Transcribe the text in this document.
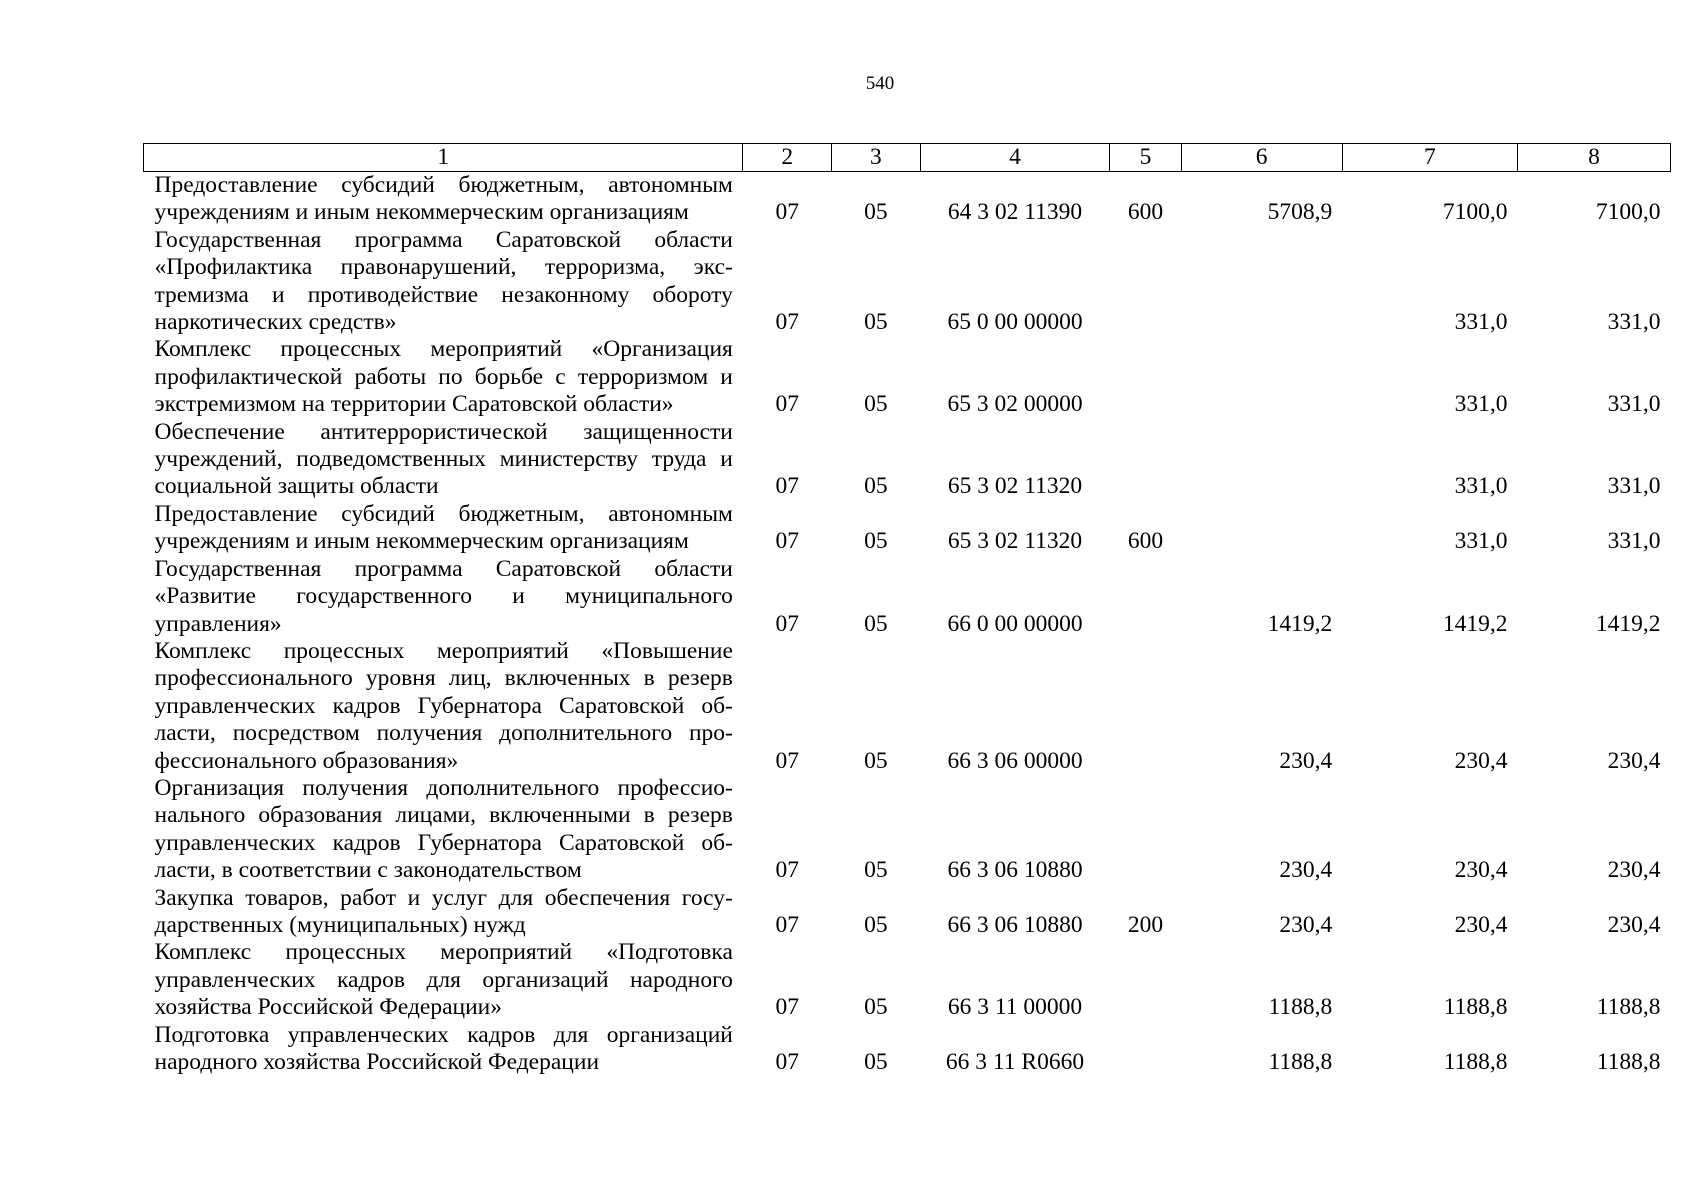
540
1	2	3	4	5	6	7	8
Предоставление субсидий бюджетным, автономным учреждениям и иным некоммерческим организациям	07	05	64 3 02 11390	600	5708,9	7100,0	7100,0
Государственная программа Саратовской области «Профилактика правонарушений, терроризма, экстремизма и противодействие незаконному обороту наркотических средств»	07	05	65 0 00 00000			331,0	331,0
Комплекс процессных мероприятий «Организация профилактической работы по борьбе с терроризмом и экстремизмом на территории Саратовской области»	07	05	65 3 02 00000			331,0	331,0
Обеспечение антитеррористической защищенности учреждений, подведомственных министерству труда и социальной защиты области	07	05	65 3 02 11320			331,0	331,0
Предоставление субсидий бюджетным, автономным учреждениям и иным некоммерческим организациям	07	05	65 3 02 11320	600		331,0	331,0
Государственная программа Саратовской области «Развитие государственного и муниципального управления»	07	05	66 0 00 00000		1419,2	1419,2	1419,2
Комплекс процессных мероприятий «Повышение профессионального уровня лиц, включенных в резерв управленческих кадров Губернатора Саратовской области, посредством получения дополнительного профессионального образования»	07	05	66 3 06 00000		230,4	230,4	230,4
Организация получения дополнительного профессионального образования лицами, включенными в резерв управленческих кадров Губернатора Саратовской области, в соответствии с законодательством	07	05	66 3 06 10880		230,4	230,4	230,4
Закупка товаров, работ и услуг для обеспечения государственных (муниципальных) нужд	07	05	66 3 06 10880	200	230,4	230,4	230,4
Комплекс процессных мероприятий «Подготовка управленческих кадров для организаций народного хозяйства Российской Федерации»	07	05	66 3 11 00000		1188,8	1188,8	1188,8
Подготовка управленческих кадров для организаций народного хозяйства Российской Федерации	07	05	66 3 11 R0660		1188,8	1188,8	1188,8
